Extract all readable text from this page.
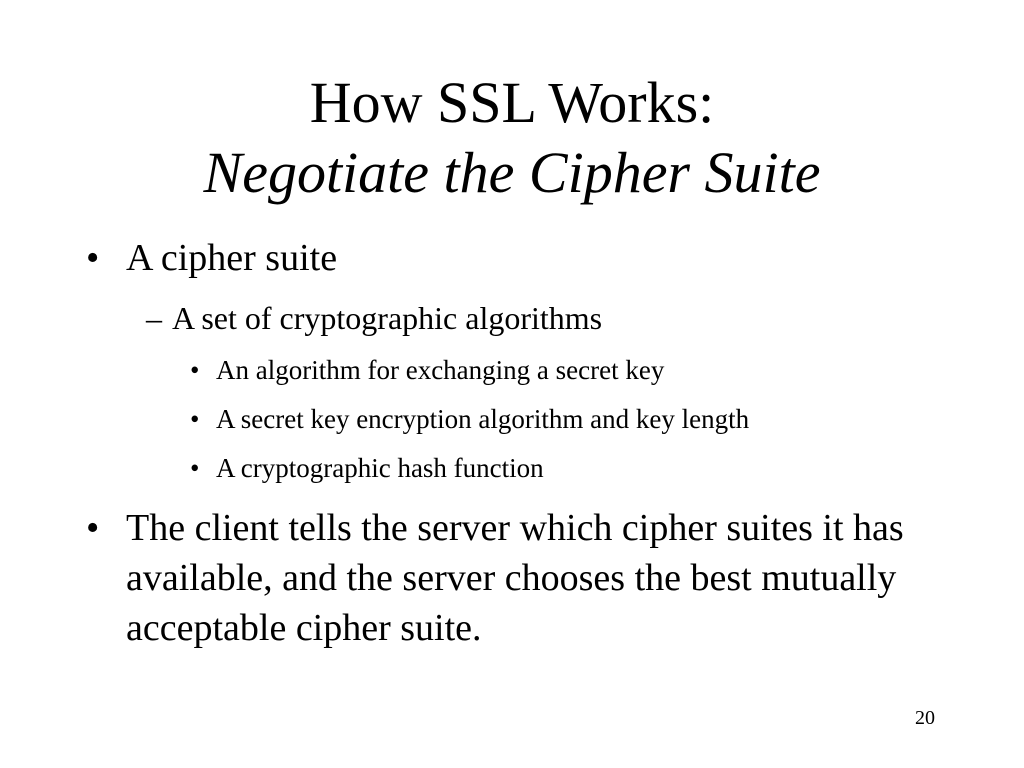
How SSL Works:
Negotiate the Cipher Suite
• A cipher suite
– A set of cryptographic algorithms
• An algorithm for exchanging a secret key
• A secret key encryption algorithm and key length
• A cryptographic hash function
• The client tells the server which cipher suites it has available, and the server chooses the best mutually acceptable cipher suite.
20
